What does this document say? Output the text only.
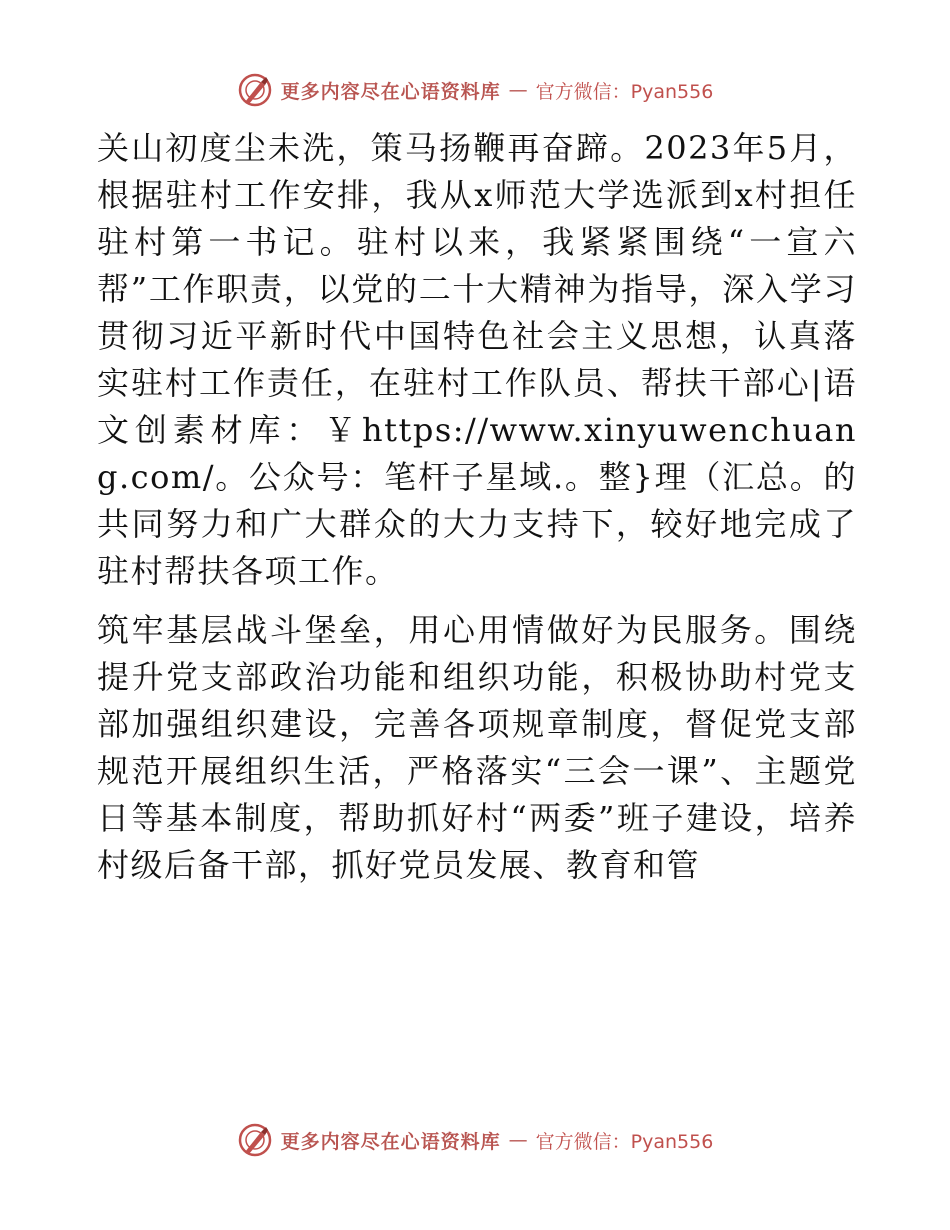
更多内容尽在心语资料库 — 官方微信：Pyan556

关山初度尘未洗，策马扬鞭再奋蹄。2023年5月，根据驻村工作安排，我从x师范大学选派到x村担任驻村第一书记。驻村以来，我紧紧围绕“一宣六帮”工作职责，以党的二十大精神为指导，深入学习贯彻习近平新时代中国特色社会主义思想，认真落实驻村工作责任，在驻村工作队员、帮扶干部心|语文创素材库：￥https://www.xinyuwenchuang.com/。公众号：笔杆子星域.。整}理（汇总。的共同努力和广大群众的大力支持下，较好地完成了驻村帮扶各项工作。

筑牢基层战斗堡垒，用心用情做好为民服务。围绕提升党支部政治功能和组织功能，积极协助村党支部加强组织建设，完善各项规章制度，督促党支部规范开展组织生活，严格落实“三会一课”、主题党日等基本制度，帮助抓好村“两委”班子建设，培养村级后备干部，抓好党员发展、教育和管

更多内容尽在心语资料库 — 官方微信：Pyan556
